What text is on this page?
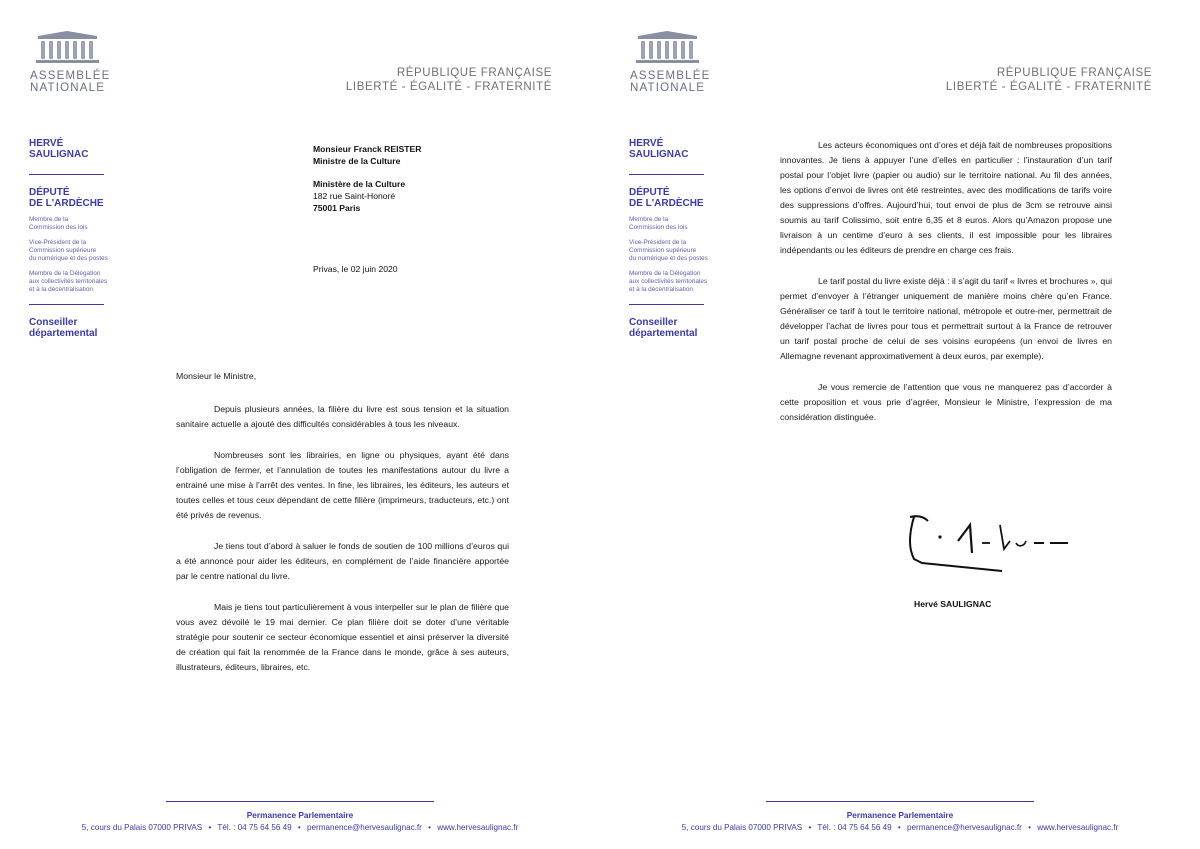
ASSEMBLÉE
NATIONALE
RÉPUBLIQUE FRANÇAISE
LIBERTÉ - ÉGALITÉ - FRATERNITÉ
HERVÉ
SAULIGNAC
DÉPUTÉ
DE L'ARDÈCHE
Membre de la
Commission des lois
Vice-Président de la
Commission supérieure
du numérique et des postes
Membre de la Délégation
aux collectivités territoriales
et à la décentralisation
Conseiller
départemental
Monsieur Franck REISTER
Ministre de la Culture
Ministère de la Culture
182 rue Saint-Honoré
75001 Paris
Privas, le 02 juin 2020

Monsieur le Ministre,

Depuis plusieurs années, la filière du livre est sous tension et la situation sanitaire actuelle a ajouté des difficultés considérables à tous les niveaux.

Nombreuses sont les librairies, en ligne ou physiques, ayant été dans l’obligation de fermer, et l’annulation de toutes les manifestations autour du livre a entrainé une mise à l’arrêt des ventes. In fine, les libraires, les éditeurs, les auteurs et toutes celles et tous ceux dépendant de cette filière (imprimeurs, traducteurs, etc.) ont été privés de revenus.

Je tiens tout d’abord à saluer le fonds de soutien de 100 millions d’euros qui a été annoncé pour aider les éditeurs, en complément de l’aide financière apportée par le centre national du livre.

Mais je tiens tout particulièrement à vous interpeller sur le plan de filière que vous avez dévoilé le 19 mai dernier. Ce plan filière doit se doter d’une véritable stratégie pour soutenir ce secteur économique essentiel et ainsi préserver la diversité de création qui fait la renommée de la France dans le monde, grâce à ses auteurs, illustrateurs, éditeurs, libraires, etc.

Permanence Parlementaire
5, cours du Palais 07000 PRIVAS • Tél. : 04 75 64 56 49 • permanence@hervesaulignac.fr • www.hervesaulignac.fr
ASSEMBLÉE
NATIONALE
RÉPUBLIQUE FRANÇAISE
LIBERTÉ - ÉGALITÉ - FRATERNITÉ
HERVÉ
SAULIGNAC
DÉPUTÉ
DE L'ARDÈCHE
Membre de la
Commission des lois
Vice-Président de la
Commission supérieure
du numérique et des postes
Membre de la Délégation
aux collectivités territoriales
et à la décentralisation
Conseiller
départemental

Les acteurs économiques ont d’ores et déjà fait de nombreuses propositions innovantes. Je tiens à appuyer l’une d’elles en particulier : l’instauration d’un tarif postal pour l’objet livre (papier ou audio) sur le territoire national. Au fil des années, les options d’envoi de livres ont été restreintes, avec des modifications de tarifs voire des suppressions d’offres. Aujourd’hui, tout envoi de plus de 3cm se retrouve ainsi soumis au tarif Colissimo, soit entre 6,35 et 8 euros. Alors qu’Amazon propose une livraison à un centime d’euro à ses clients, il est impossible pour les libraires indépendants ou les éditeurs de prendre en charge ces frais.

Le tarif postal du livre existe déjà : il s’agit du tarif « livres et brochures », qui permet d’envoyer à l’étranger uniquement de manière moins chère qu’en France. Généraliser ce tarif à tout le territoire national, métropole et outre-mer, permettrait de développer l’achat de livres pour tous et permettrait surtout à la France de retrouver un tarif postal proche de celui de ses voisins européens (un envoi de livres en Allemagne revenant approximativement à deux euros, par exemple).

Je vous remercie de l’attention que vous ne manquerez pas d’accorder à cette proposition et vous prie d’agréer, Monsieur le Ministre, l’expression de ma considération distinguée.

Hervé SAULIGNAC
Permanence Parlementaire
5, cours du Palais 07000 PRIVAS • Tél. : 04 75 64 56 49 • permanence@hervesaulignac.fr • www.hervesaulignac.fr
